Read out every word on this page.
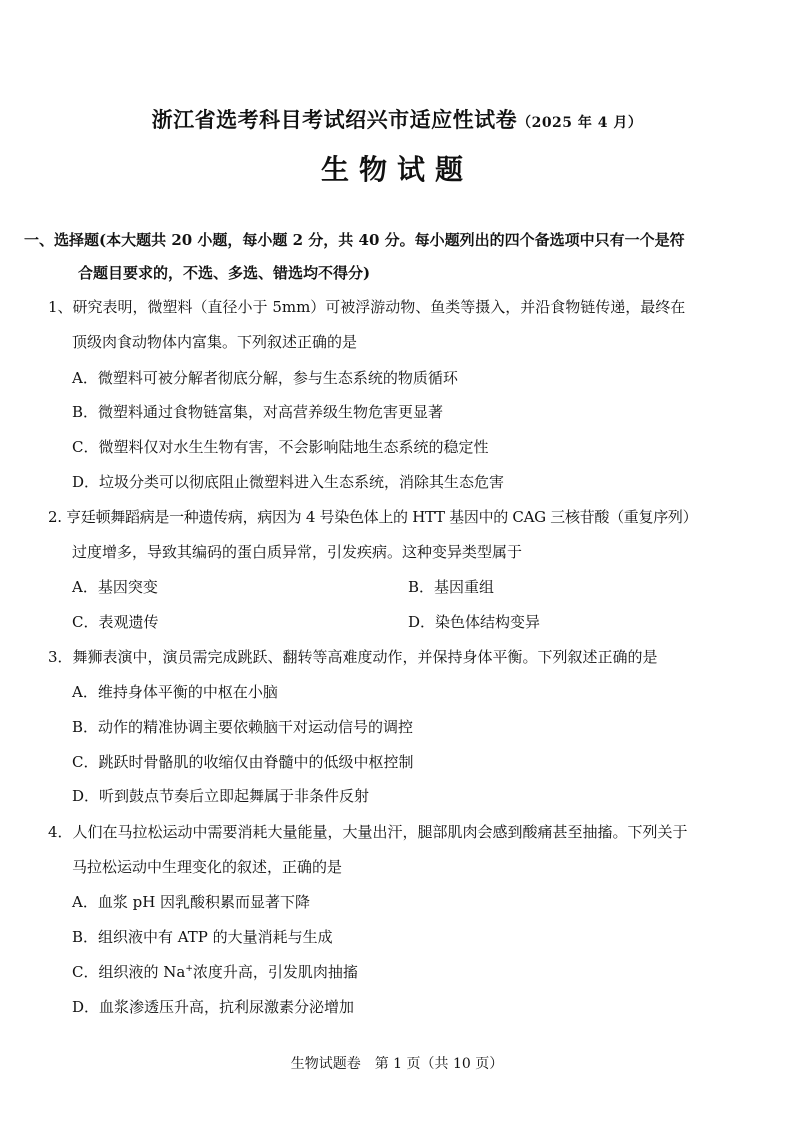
浙江省选考科目考试绍兴市适应性试卷（2025 年 4 月）
生物试题
一、选择题(本大题共 20 小题，每小题 2 分，共 40 分。每小题列出的四个备选项中只有一个是符
合题目要求的，不选、多选、错选均不得分)
1、研究表明，微塑料（直径小于 5mm）可被浮游动物、鱼类等摄入，并沿食物链传递，最终在
顶级肉食动物体内富集。下列叙述正确的是
A．微塑料可被分解者彻底分解，参与生态系统的物质循环
B．微塑料通过食物链富集，对高营养级生物危害更显著
C．微塑料仅对水生生物有害，不会影响陆地生态系统的稳定性
D．垃圾分类可以彻底阻止微塑料进入生态系统，消除其生态危害
2. 亨廷顿舞蹈病是一种遗传病，病因为 4 号染色体上的 HTT 基因中的 CAG 三核苷酸（重复序列）
过度增多，导致其编码的蛋白质异常，引发疾病。这种变异类型属于
A．基因突变	B．基因重组
C．表观遗传	D．染色体结构变异
3．舞狮表演中，演员需完成跳跃、翻转等高难度动作，并保持身体平衡。下列叙述正确的是
A．维持身体平衡的中枢在小脑
B．动作的精准协调主要依赖脑干对运动信号的调控
C．跳跃时骨骼肌的收缩仅由脊髓中的低级中枢控制
D．听到鼓点节奏后立即起舞属于非条件反射
4．人们在马拉松运动中需要消耗大量能量，大量出汗，腿部肌肉会感到酸痛甚至抽搐。下列关于
马拉松运动中生理变化的叙述，正确的是
A．血浆 pH 因乳酸积累而显著下降
B．组织液中有 ATP 的大量消耗与生成
C．组织液的 Na+浓度升高，引发肌肉抽搐
D．血浆渗透压升高，抗利尿激素分泌增加
生物试题卷　第 1 页（共 10 页）
